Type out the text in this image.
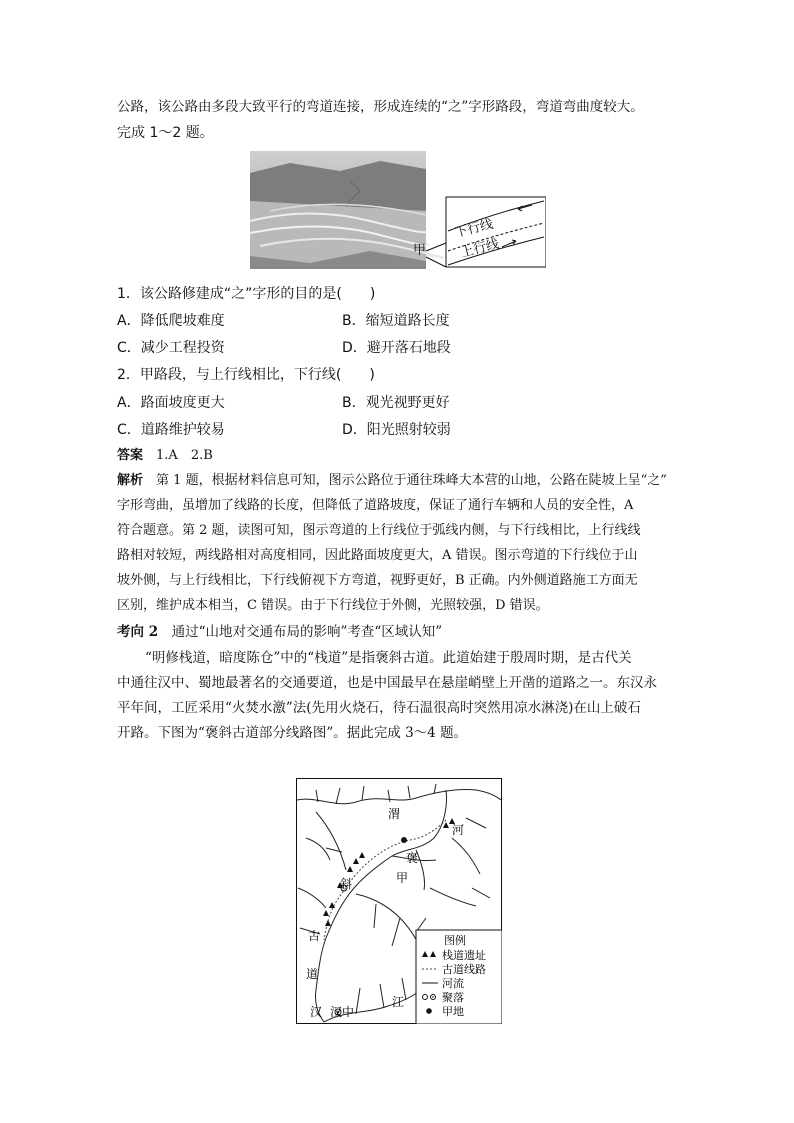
公路，该公路由多段大致平行的弯道连接，形成连续的“之”字形路段，弯道弯曲度较大。
完成 1～2 题。
甲
下行线
上行线
1．该公路修建成“之”字形的目的是(　　)
A．降低爬坡难度	B．缩短道路长度
C．减少工程投资	D．避开落石地段
2．甲路段，与上行线相比，下行线(　　)
A．路面坡度更大	B．观光视野更好
C．道路维护较易	D．阳光照射较弱
答案　 1.A　2.B
解析　 第 1 题，根据材料信息可知，图示公路位于通往珠峰大本营的山地，公路在陡坡上呈“之”
字形弯曲，虽增加了线路的长度，但降低了道路坡度，保证了通行车辆和人员的安全性，A
符合题意。第 2 题，读图可知，图示弯道的上行线位于弧线内侧，与下行线相比，上行线线
路相对较短，两线路相对高度相同，因此路面坡度更大，A 错误。图示弯道的下行线位于山
坡外侧，与上行线相比，下行线俯视下方弯道，视野更好，B 正确。内外侧道路施工方面无
区别，维护成本相当，C 错误。由于下行线位于外侧，光照较强，D 错误。
考向 2　 通过“山地对交通布局的影响”考查“区域认知”
“明修栈道，暗度陈仓”中的“栈道”是指褒斜古道。此道始建于殷周时期，是古代关
中通往汉中、蜀地最著名的交通要道，也是中国最早在悬崖峭壁上开凿的道路之一。东汉永
平年间，工匠采用“火焚水激”法(先用火烧石，待石温很高时突然用凉水淋浇)在山上破石
开路。下图为“褒斜古道部分线路图”。据此完成 3～4 题。
渭
河
褒
甲
斜
古
道
汉 汉中
江
图例
栈道遗址
古道线路
河流
聚落
甲地
